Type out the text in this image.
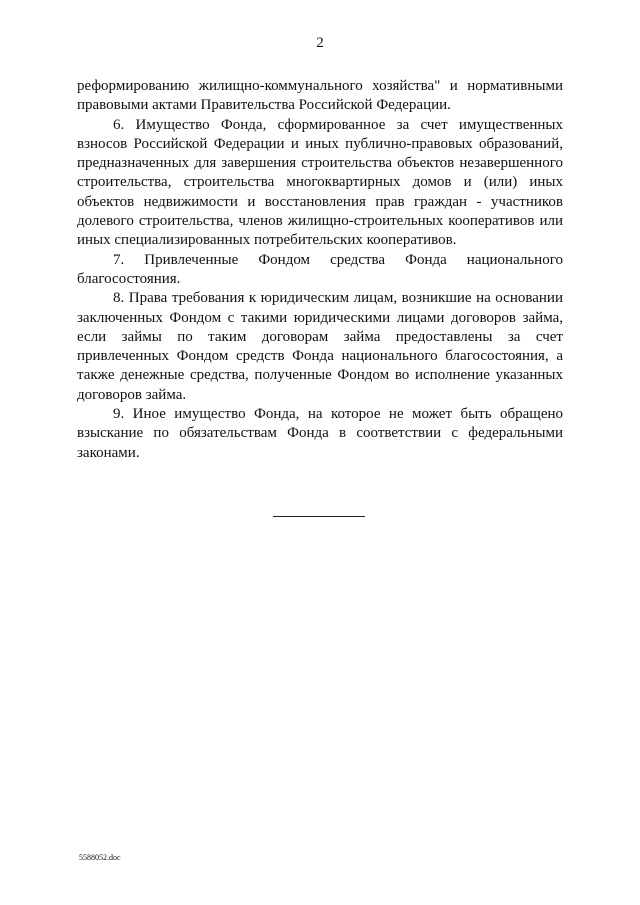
2

реформированию жилищно-коммунального хозяйства" и нормативными правовыми актами Правительства Российской Федерации.

6. Имущество Фонда, сформированное за счет имущественных взносов Российской Федерации и иных публично-правовых образований, предназначенных для завершения строительства объектов незавершенного строительства, строительства многоквартирных домов и (или) иных объектов недвижимости и восстановления прав граждан - участников долевого строительства, членов жилищно-строительных кооперативов или иных специализированных потребительских кооперативов.

7. Привлеченные Фондом средства Фонда национального благосостояния.

8. Права требования к юридическим лицам, возникшие на основании заключенных Фондом с такими юридическими лицами договоров займа, если займы по таким договорам займа предоставлены за счет привлеченных Фондом средств Фонда национального благосостояния, а также денежные средства, полученные Фондом во исполнение указанных договоров займа.

9. Иное имущество Фонда, на которое не может быть обращено взыскание по обязательствам Фонда в соответствии с федеральными законами.

5588052.doc
